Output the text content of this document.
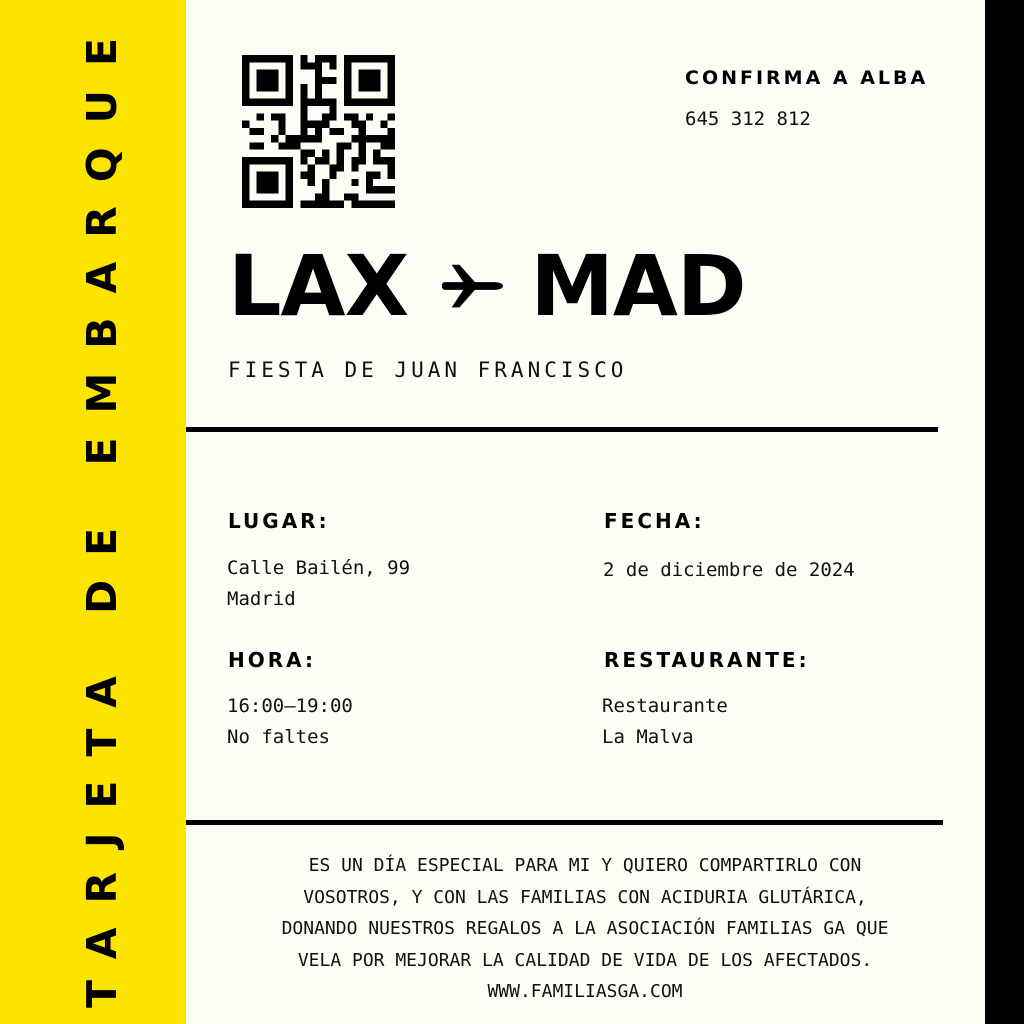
TARJETA DE EMBARQUE	CONFIRMA A ALBA
645 312 812
LAX MAD
FIESTA DE JUAN FRANCISCO
LUGAR:
Calle Bailén, 99
Madrid
FECHA:
2 de diciembre de 2024
HORA:
16:00–19:00
No faltes
RESTAURANTE:
Restaurante
La Malva
ES UN DÍA ESPECIAL PARA MI Y QUIERO COMPARTIRLO CON
VOSOTROS, Y CON LAS FAMILIAS CON ACIDURIA GLUTÁRICA,
DONANDO NUESTROS REGALOS A LA ASOCIACIÓN FAMILIAS GA QUE
VELA POR MEJORAR LA CALIDAD DE VIDA DE LOS AFECTADOS.
WWW.FAMILIASGA.COM
